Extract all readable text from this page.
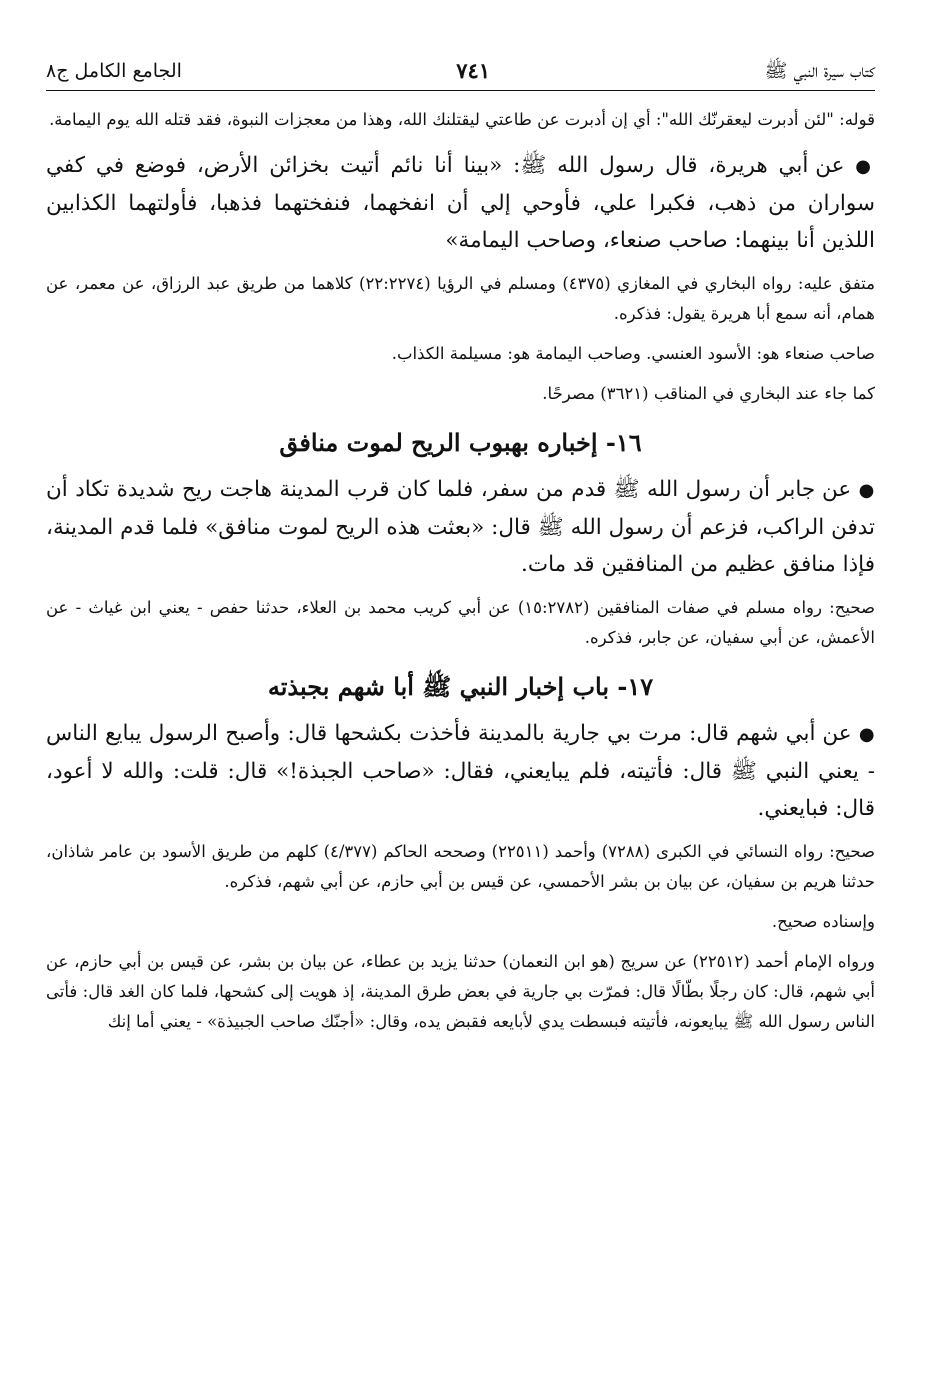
كتاب سيرة النبي ﷺ
٧٤١
الجامع الكامل ج٨

قوله: "لئن أدبرت ليعقرنّك الله": أي إن أدبرت عن طاعتي ليقتلنك الله، وهذا من معجزات النبوة، فقد قتله الله يوم اليمامة.

● عن أبي هريرة، قال رسول الله ﷺ: «بينا أنا نائم أتيت بخزائن الأرض، فوضع في كفي سواران من ذهب، فكبرا علي، فأوحي إلي أن انفخهما، فنفختهما فذهبا، فأولتهما الكذابين اللذين أنا بينهما: صاحب صنعاء، وصاحب اليمامة»

متفق عليه: رواه البخاري في المغازي (٤٣٧٥) ومسلم في الرؤيا (٢٢:٢٢٧٤) كلاهما من طريق عبد الرزاق، عن معمر، عن همام، أنه سمع أبا هريرة يقول: فذكره.

صاحب صنعاء هو: الأسود العنسي. وصاحب اليمامة هو: مسيلمة الكذاب.

كما جاء عند البخاري في المناقب (٣٦٢١) مصرحًا.

١٦- إخباره بهبوب الريح لموت منافق

● عن جابر أن رسول الله ﷺ قدم من سفر، فلما كان قرب المدينة هاجت ريح شديدة تكاد أن تدفن الراكب، فزعم أن رسول الله ﷺ قال: «بعثت هذه الريح لموت منافق» فلما قدم المدينة، فإذا منافق عظيم من المنافقين قد مات.

صحيح: رواه مسلم في صفات المنافقين (١٥:٢٧٨٢) عن أبي كريب محمد بن العلاء، حدثنا حفص - يعني ابن غياث - عن الأعمش، عن أبي سفيان، عن جابر، فذكره.

١٧- باب إخبار النبي ﷺ أبا شهم بجبذته

● عن أبي شهم قال: مرت بي جارية بالمدينة فأخذت بكشحها قال: وأصبح الرسول يبايع الناس - يعني النبي ﷺ قال: فأتيته، فلم يبايعني، فقال: «صاحب الجبذة!» قال: قلت: والله لا أعود، قال: فبايعني.

صحيح: رواه النسائي في الكبرى (٧٢٨٨) وأحمد (٢٢٥١١) وصححه الحاكم (٤/٣٧٧) كلهم من طريق الأسود بن عامر شاذان، حدثنا هريم بن سفيان، عن بيان بن بشر الأحمسي، عن قيس بن أبي حازم، عن أبي شهم، فذكره.

وإسناده صحيح.

ورواه الإمام أحمد (٢٢٥١٢) عن سريج (هو ابن النعمان) حدثنا يزيد بن عطاء، عن بيان بن بشر، عن قيس بن أبي حازم، عن أبي شهم، قال: كان رجلًا بطّالًا قال: فمرّت بي جارية في بعض طرق المدينة، إذ هويت إلى كشحها، فلما كان الغد قال: فأتى الناس رسول الله ﷺ يبايعونه، فأتيته فبسطت يدي لأبايعه فقبض يده، وقال: «أجنّك صاحب الجبيذة» - يعني أما إنك
